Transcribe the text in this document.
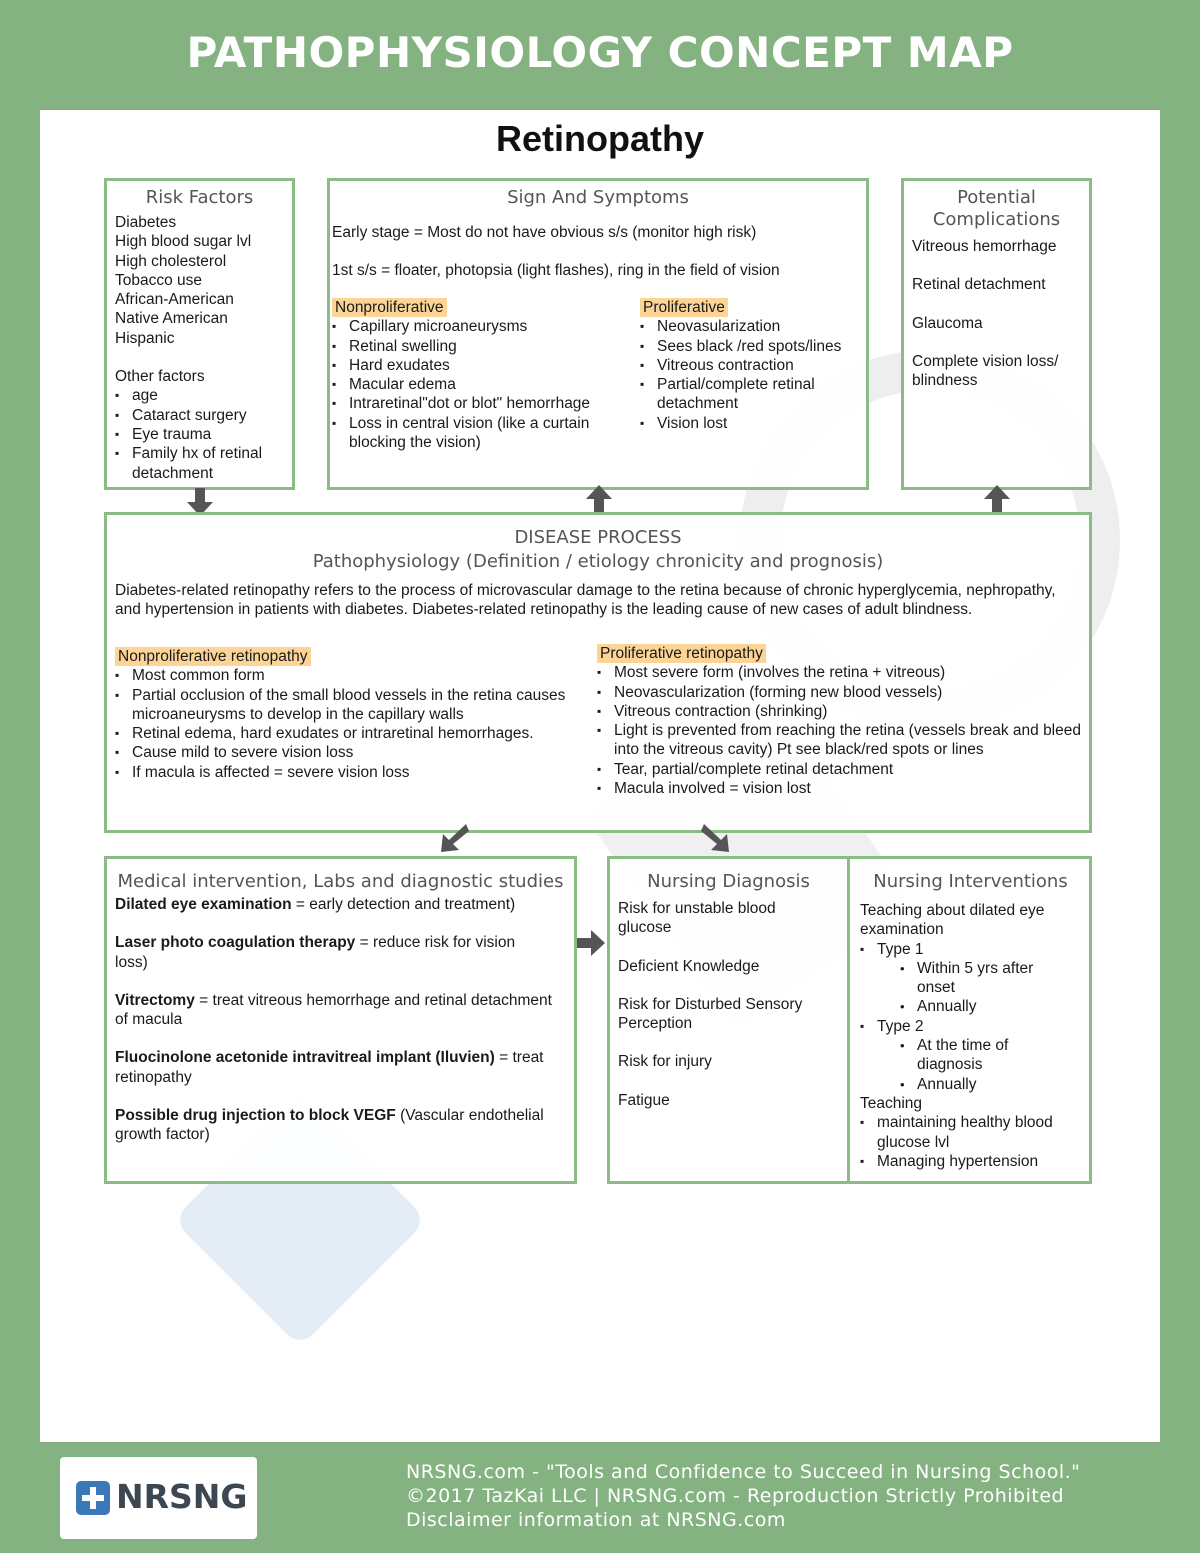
PATHOPHYSIOLOGY CONCEPT MAP
Retinopathy
Risk Factors
Diabetes
High blood sugar lvl
High cholesterol
Tobacco use
African-American
Native American
Hispanic

Other factors

▪ age
▪ Cataract surgery
▪ Eye trauma
▪ Family hx of retinal detachment
Sign And Symptoms
Early stage = Most do not have obvious s/s (monitor high risk)
1st s/s = floater, photopsia (light flashes), ring in the field of vision
Nonproliferative
▪ Capillary microaneurysms
▪ Retinal swelling
▪ Hard exudates
▪ Macular edema
▪ Intraretinal"dot or blot" hemorrhage
▪ Loss in central vision (like a curtain blocking the vision)
Proliferative
▪ Neovasularization
▪ Sees black /red spots/lines
▪ Vitreous contraction
▪ Partial/complete retinal detachment
▪ Vision lost
Potential Complications
Vitreous hemorrhage
Retinal detachment
Glaucoma
Complete vision loss/ blindness
DISEASE PROCESS
Pathophysiology (Definition / etiology chronicity and prognosis)
Diabetes-related retinopathy refers to the process of microvascular damage to the retina because of chronic hyperglycemia, nephropathy, and hypertension in patients with diabetes. Diabetes-related retinopathy is the leading cause of new cases of adult blindness.
Nonproliferative retinopathy
▪ Most common form
▪ Partial occlusion of the small blood vessels in the retina causes microaneurysms to develop in the capillary walls
▪ Retinal edema, hard exudates or intraretinal hemorrhages.
▪ Cause mild to severe vision loss
▪ If macula is affected = severe vision loss
Proliferative retinopathy
▪ Most severe form (involves the retina + vitreous)
▪ Neovascularization (forming new blood vessels)
▪ Vitreous contraction (shrinking)
▪ Light is prevented from reaching the retina (vessels break and bleed into the vitreous cavity) Pt see black/red spots or lines
▪ Tear, partial/complete retinal detachment
▪ Macula involved = vision lost
Medical intervention, Labs and diagnostic studies

Dilated eye examination = early detection and treatment)

Laser photo coagulation therapy = reduce risk for vision loss)

Vitrectomy = treat vitreous hemorrhage and retinal detachment of macula

Fluocinolone acetonide intravitreal implant (Iluvien) = treat retinopathy

Possible drug injection to block VEGF (Vascular endothelial growth factor)

Nursing Diagnosis
Risk for unstable blood glucose
Deficient Knowledge
Risk for Disturbed Sensory Perception
Risk for injury
Fatigue
Nursing Interventions
Teaching about dilated eye examination
▪ Type 1
• Within 5 yrs after onset
• Annually
▪ Type 2
• At the time of diagnosis
• Annually
Teaching
▪ maintaining healthy blood glucose lvl
▪ Managing hypertension
NRSNG
NRSNG.com - "Tools and Confidence to Succeed in Nursing School."
©2017 TazKai LLC | NRSNG.com - Reproduction Strictly Prohibited
Disclaimer information at NRSNG.com
